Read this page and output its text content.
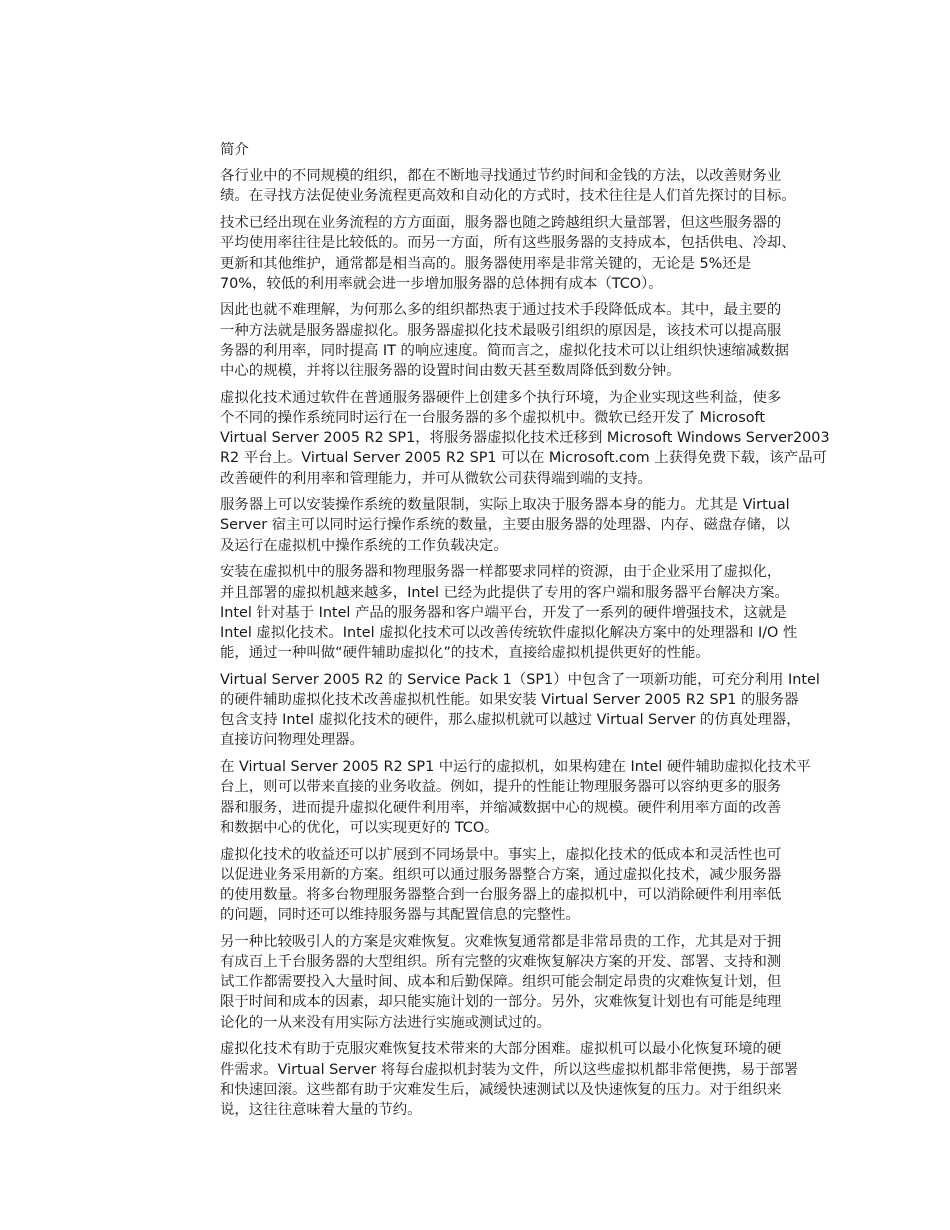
简介

各行业中的不同规模的组织，都在不断地寻找通过节约时间和金钱的方法，以改善财务业
绩。在寻找方法促使业务流程更高效和自动化的方式时，技术往往是人们首先探讨的目标。

技术已经出现在业务流程的方方面面，服务器也随之跨越组织大量部署，但这些服务器的
平均使用率往往是比较低的。而另一方面，所有这些服务器的支持成本，包括供电、冷却、
更新和其他维护，通常都是相当高的。服务器使用率是非常关键的，无论是 5%还是
70%，较低的利用率就会进一步增加服务器的总体拥有成本（TCO）。

因此也就不难理解，为何那么多的组织都热衷于通过技术手段降低成本。其中，最主要的
一种方法就是服务器虚拟化。服务器虚拟化技术最吸引组织的原因是，该技术可以提高服
务器的利用率，同时提高 IT 的响应速度。简而言之，虚拟化技术可以让组织快速缩减数据
中心的规模，并将以往服务器的设置时间由数天甚至数周降低到数分钟。

虚拟化技术通过软件在普通服务器硬件上创建多个执行环境，为企业实现这些利益，使多
个不同的操作系统同时运行在一台服务器的多个虚拟机中。微软已经开发了 Microsoft
Virtual Server 2005 R2 SP1，将服务器虚拟化技术迁移到 Microsoft Windows Server2003
R2 平台上。Virtual Server 2005 R2 SP1 可以在 Microsoft.com 上获得免费下载，该产品可
改善硬件的利用率和管理能力，并可从微软公司获得端到端的支持。

服务器上可以安装操作系统的数量限制，实际上取决于服务器本身的能力。尤其是 Virtual
Server 宿主可以同时运行操作系统的数量，主要由服务器的处理器、内存、磁盘存储，以
及运行在虚拟机中操作系统的工作负载决定。

安装在虚拟机中的服务器和物理服务器一样都要求同样的资源，由于企业采用了虚拟化，
并且部署的虚拟机越来越多，Intel 已经为此提供了专用的客户端和服务器平台解决方案。
Intel 针对基于 Intel 产品的服务器和客户端平台，开发了一系列的硬件增强技术，这就是
Intel 虚拟化技术。Intel 虚拟化技术可以改善传统软件虚拟化解决方案中的处理器和 I/O 性
能，通过一种叫做“硬件辅助虚拟化”的技术，直接给虚拟机提供更好的性能。

Virtual Server 2005 R2 的 Service Pack 1（SP1）中包含了一项新功能，可充分利用 Intel
的硬件辅助虚拟化技术改善虚拟机性能。如果安装 Virtual Server 2005 R2 SP1 的服务器
包含支持 Intel 虚拟化技术的硬件，那么虚拟机就可以越过 Virtual Server 的仿真处理器，
直接访问物理处理器。

在 Virtual Server 2005 R2 SP1 中运行的虚拟机，如果构建在 Intel 硬件辅助虚拟化技术平
台上，则可以带来直接的业务收益。例如，提升的性能让物理服务器可以容纳更多的服务
器和服务，进而提升虚拟化硬件利用率，并缩减数据中心的规模。硬件利用率方面的改善
和数据中心的优化，可以实现更好的 TCO。

虚拟化技术的收益还可以扩展到不同场景中。事实上，虚拟化技术的低成本和灵活性也可
以促进业务采用新的方案。组织可以通过服务器整合方案，通过虚拟化技术，减少服务器
的使用数量。将多台物理服务器整合到一台服务器上的虚拟机中，可以消除硬件利用率低
的问题，同时还可以维持服务器与其配置信息的完整性。

另一种比较吸引人的方案是灾难恢复。灾难恢复通常都是非常昂贵的工作，尤其是对于拥
有成百上千台服务器的大型组织。所有完整的灾难恢复解决方案的开发、部署、支持和测
试工作都需要投入大量时间、成本和后勤保障。组织可能会制定昂贵的灾难恢复计划，但
限于时间和成本的因素，却只能实施计划的一部分。另外，灾难恢复计划也有可能是纯理
论化的一从来没有用实际方法进行实施或测试过的。

虚拟化技术有助于克服灾难恢复技术带来的大部分困难。虚拟机可以最小化恢复环境的硬
件需求。Virtual Server 将每台虚拟机封装为文件，所以这些虚拟机都非常便携，易于部署
和快速回滚。这些都有助于灾难发生后，减缓快速测试以及快速恢复的压力。对于组织来
说，这往往意味着大量的节约。
